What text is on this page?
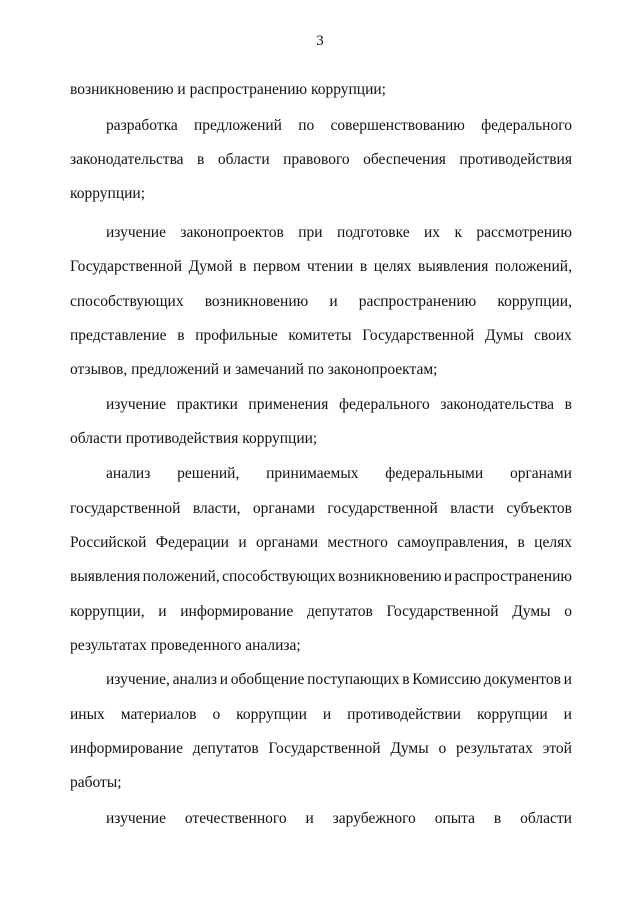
3
возникновению и распространению коррупции;
разработка предложений по совершенствованию федерального
законодательства в области правового обеспечения противодействия
коррупции;
изучение законопроектов при подготовке их к рассмотрению
Государственной Думой в первом чтении в целях выявления положений,
способствующих возникновению и распространению коррупции,
представление в профильные комитеты Государственной Думы своих
отзывов, предложений и замечаний по законопроектам;
изучение практики применения федерального законодательства в
области противодействия коррупции;
анализ решений, принимаемых федеральными органами
государственной власти, органами государственной власти субъектов
Российской Федерации и органами местного самоуправления, в целях
выявления положений, способствующих возникновению и распространению
коррупции, и информирование депутатов Государственной Думы о
результатах проведенного анализа;
изучение, анализ и обобщение поступающих в Комиссию документов и
иных материалов о коррупции и противодействии коррупции и
информирование депутатов Государственной Думы о результатах этой
работы;
изучение отечественного и зарубежного опыта в области
